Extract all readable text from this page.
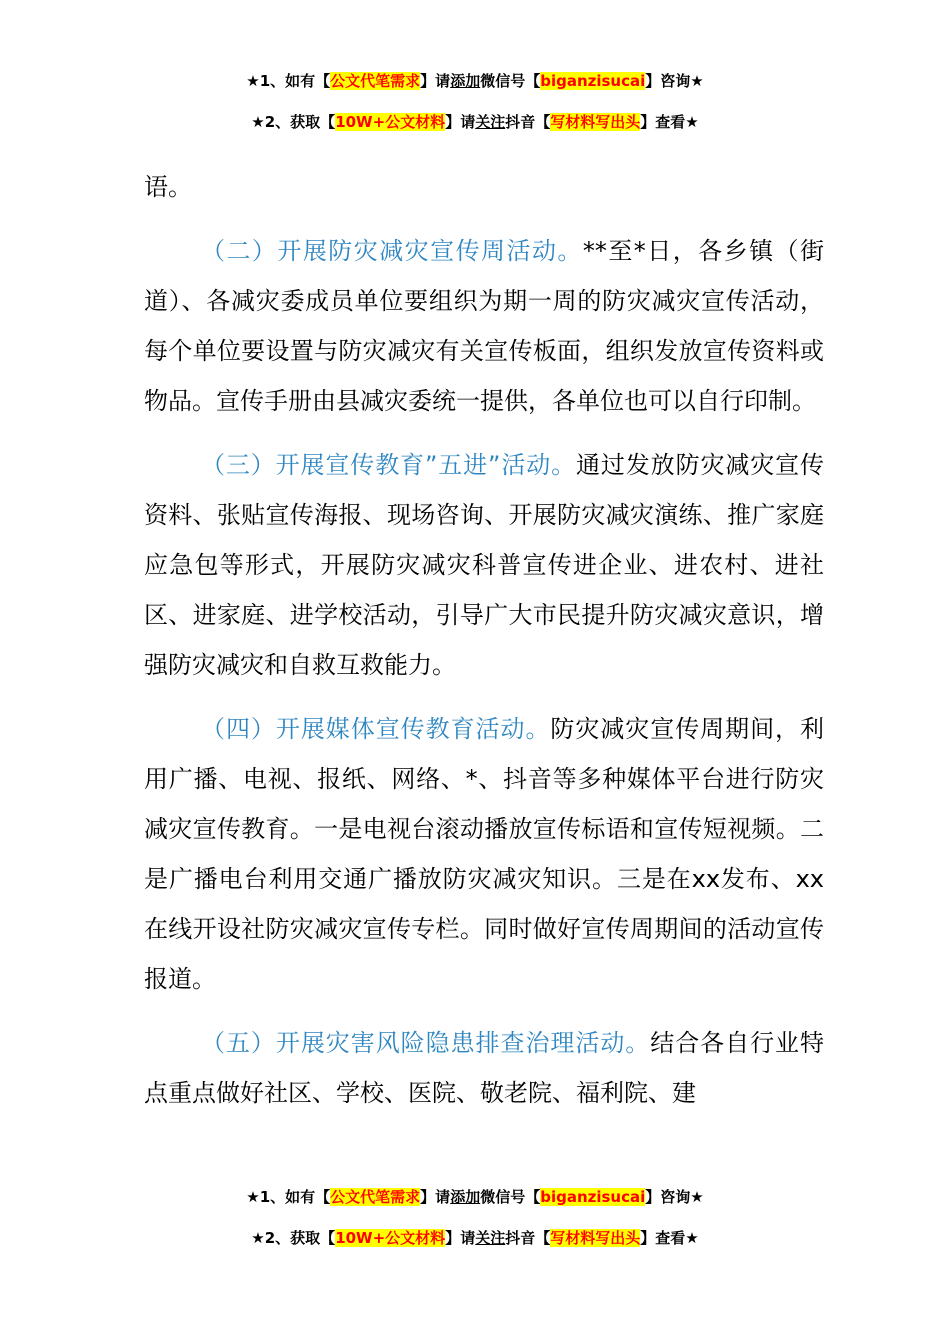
★1、如有【公文代笔需求】请添加微信号【biganzisucai】咨询★
★2、获取【10W+公文材料】请关注抖音【写材料写出头】查看★

语。

（二）开展防灾减灾宣传周活动。**至*日，各乡镇（街道）、各减灾委成员单位要组织为期一周的防灾减灾宣传活动，每个单位要设置与防灾减灾有关宣传板面，组织发放宣传资料或物品。宣传手册由县减灾委统一提供，各单位也可以自行印制。

（三）开展宣传教育”五进”活动。通过发放防灾减灾宣传资料、张贴宣传海报、现场咨询、开展防灾减灾演练、推广家庭应急包等形式，开展防灾减灾科普宣传进企业、进农村、进社区、进家庭、进学校活动，引导广大市民提升防灾减灾意识，增强防灾减灾和自救互救能力。

（四）开展媒体宣传教育活动。防灾减灾宣传周期间，利用广播、电视、报纸、网络、*、抖音等多种媒体平台进行防灾减灾宣传教育。一是电视台滚动播放宣传标语和宣传短视频。二是广播电台利用交通广播放防灾减灾知识。三是在xx发布、xx在线开设社防灾减灾宣传专栏。同时做好宣传周期间的活动宣传报道。

（五）开展灾害风险隐患排查治理活动。结合各自行业特点重点做好社区、学校、医院、敬老院、福利院、建

★1、如有【公文代笔需求】请添加微信号【biganzisucai】咨询★
★2、获取【10W+公文材料】请关注抖音【写材料写出头】查看★
